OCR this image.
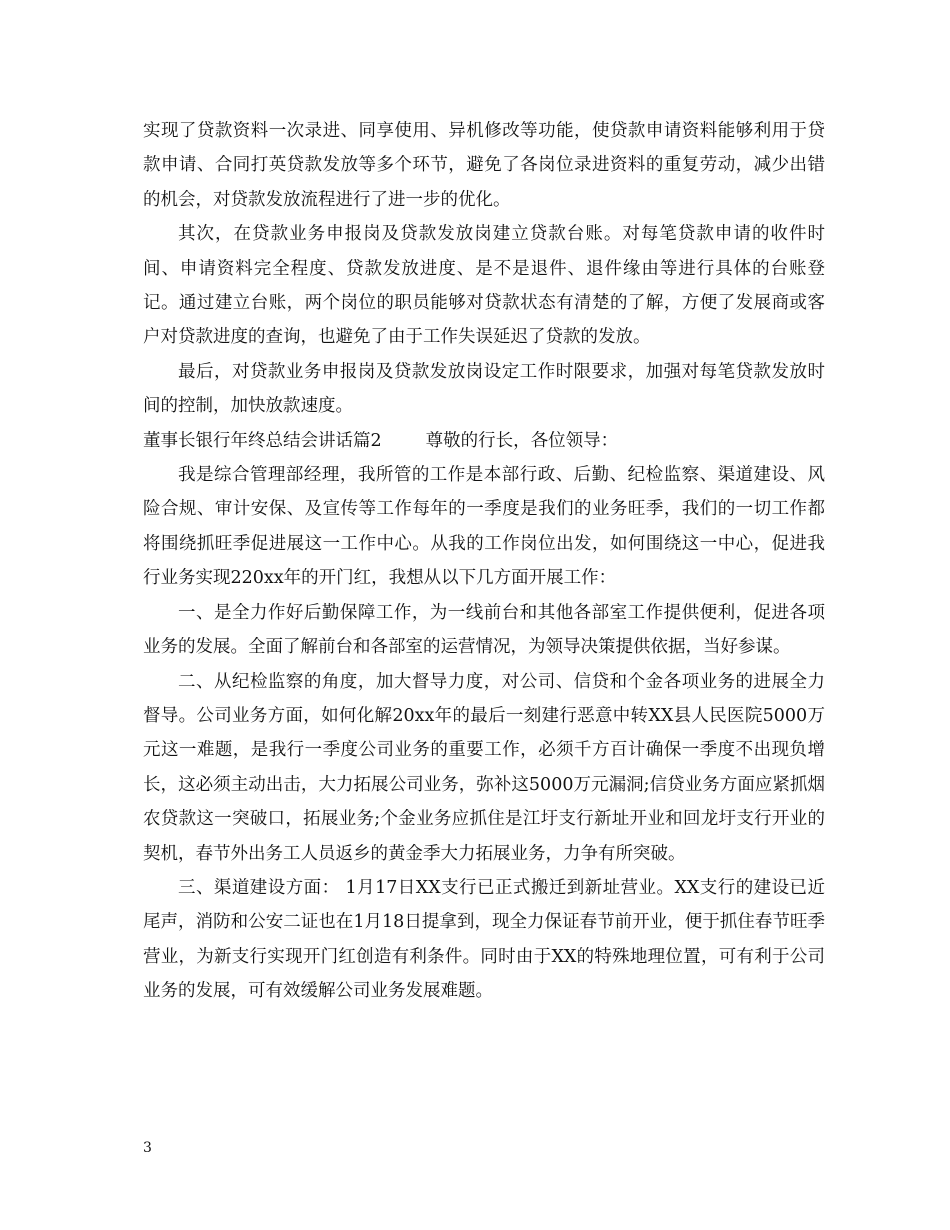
实现了贷款资料一次录进、同享使用、异机修改等功能，使贷款申请资料能够利用于贷款申请、合同打英贷款发放等多个环节，避免了各岗位录进资料的重复劳动，减少出错的机会，对贷款发放流程进行了进一步的优化。

其次，在贷款业务申报岗及贷款发放岗建立贷款台账。对每笔贷款申请的收件时间、申请资料完全程度、贷款发放进度、是不是退件、退件缘由等进行具体的台账登记。通过建立台账，两个岗位的职员能够对贷款状态有清楚的了解，方便了发展商或客户对贷款进度的查询，也避免了由于工作失误延迟了贷款的发放。

最后，对贷款业务申报岗及贷款发放岗设定工作时限要求，加强对每笔贷款发放时间的控制，加快放款速度。

董事长银行年终总结会讲话篇2	尊敬的行长，各位领导：

我是综合管理部经理，我所管的工作是本部行政、后勤、纪检监察、渠道建设、风险合规、审计安保、及宣传等工作每年的一季度是我们的业务旺季，我们的一切工作都将围绕抓旺季促进展这一工作中心。从我的工作岗位出发，如何围绕这一中心，促进我行业务实现220xx年的开门红，我想从以下几方面开展工作：

一、是全力作好后勤保障工作，为一线前台和其他各部室工作提供便利，促进各项业务的发展。全面了解前台和各部室的运营情况，为领导决策提供依据，当好参谋。

二、从纪检监察的角度，加大督导力度，对公司、信贷和个金各项业务的进展全力督导。公司业务方面，如何化解20xx年的最后一刻建行恶意中转XX县人民医院5000万元这一难题，是我行一季度公司业务的重要工作，必须千方百计确保一季度不出现负增长，这必须主动出击，大力拓展公司业务，弥补这5000万元漏洞;信贷业务方面应紧抓烟农贷款这一突破口，拓展业务;个金业务应抓住是江圩支行新址开业和回龙圩支行开业的契机，春节外出务工人员返乡的黄金季大力拓展业务，力争有所突破。

三、渠道建设方面： 1月17日XX支行已正式搬迁到新址营业。XX支行的建设已近尾声，消防和公安二证也在1月18日提拿到，现全力保证春节前开业，便于抓住春节旺季营业，为新支行实现开门红创造有利条件。同时由于XX的特殊地理位置，可有利于公司业务的发展，可有效缓解公司业务发展难题。

3
